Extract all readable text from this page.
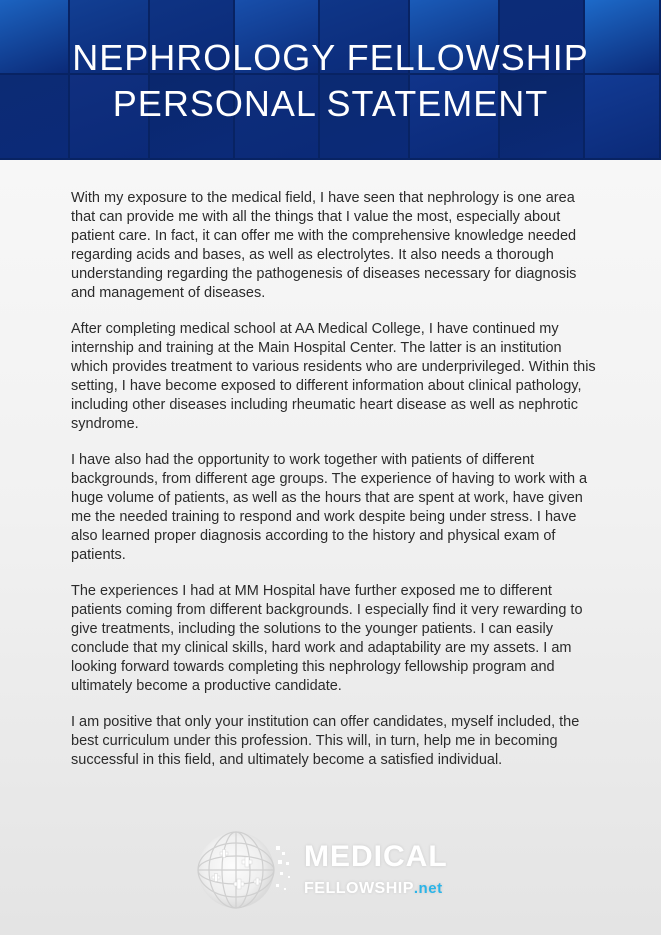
NEPHROLOGY FELLOWSHIP
PERSONAL STATEMENT

With my exposure to the medical field, I have seen that nephrology is one area that can provide me with all the things that I value the most, especially about patient care. In fact, it can offer me with the comprehensive knowledge needed regarding acids and bases, as well as electrolytes. It also needs a thorough understanding regarding the pathogenesis of diseases necessary for diagnosis and management of diseases.

After completing medical school at AA Medical College, I have continued my internship and training at the Main Hospital Center. The latter is an institution which provides treatment to various residents who are underprivileged. Within this setting, I have become exposed to different information about clinical pathology, including other diseases including rheumatic heart disease as well as nephrotic syndrome.

I have also had the opportunity to work together with patients of different backgrounds, from different age groups. The experience of having to work with a huge volume of patients, as well as the hours that are spent at work, have given me the needed training to respond and work despite being under stress. I have also learned proper diagnosis according to the history and physical exam of patients.

The experiences I had at MM Hospital have further exposed me to different patients coming from different backgrounds. I especially find it very rewarding to give treatments, including the solutions to the younger patients. I can easily conclude that my clinical skills, hard work and adaptability are my assets. I am looking forward towards completing this nephrology fellowship program and ultimately become a productive candidate.

I am positive that only your institution can offer candidates, myself included, the best curriculum under this profession. This will, in turn, help me in becoming successful in this field, and ultimately become a satisfied individual.

MEDICAL
FELLOWSHIP.net
